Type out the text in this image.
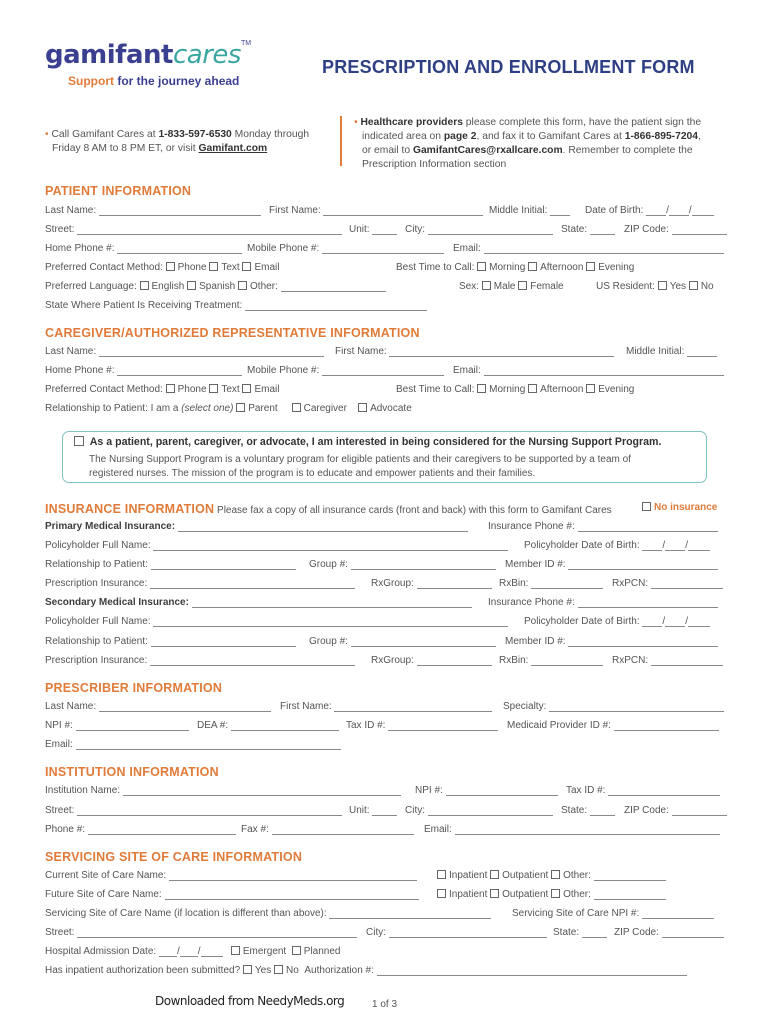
gamifantcares™
Support for the journey ahead
PRESCRIPTION AND ENROLLMENT FORM
• Call Gamifant Cares at 1-833-597-6530 Monday through
Friday 8 AM to 8 PM ET, or visit Gamifant.com
• Healthcare providers please complete this form, have the patient sign the
indicated area on page 2, and fax it to Gamifant Cares at 1-866-895-7204,
or email to GamifantCares@rxallcare.com. Remember to complete the
Prescription Information section
PATIENT INFORMATION
Last Name:	First Name:	Middle Initial:	Date of Birth: / /
Street:	Unit:	City:	State:	ZIP Code:
Home Phone #:	Mobile Phone #:	Email:
Preferred Contact Method: Phone Text Email	Best Time to Call: Morning Afternoon Evening
Preferred Language: English Spanish Other:	Sex: Male Female	US Resident: Yes No
State Where Patient Is Receiving Treatment:
CAREGIVER/AUTHORIZED REPRESENTATIVE INFORMATION
Last Name:	First Name:	Middle Initial:
Home Phone #:	Mobile Phone #:	Email:
Preferred Contact Method: Phone Text Email	Best Time to Call: Morning Afternoon Evening
Relationship to Patient: I am a (select one) Parent	Caregiver Advocate
As a patient, parent, caregiver, or advocate, I am interested in being considered for the Nursing Support Program.
The Nursing Support Program is a voluntary program for eligible patients and their caregivers to be supported by a team of
registered nurses. The mission of the program is to educate and empower patients and their families.
INSURANCE INFORMATION Please fax a copy of all insurance cards (front and back) with this form to Gamifant Cares	No insurance
Primary Medical Insurance:	Insurance Phone #:
Policyholder Full Name:	Policyholder Date of Birth: / /
Relationship to Patient:	Group #:	Member ID #:
Prescription Insurance:	RxGroup:	RxBin:	RxPCN:
Secondary Medical Insurance:	Insurance Phone #:
Policyholder Full Name:	Policyholder Date of Birth: / /
Relationship to Patient:	Group #:	Member ID #:
Prescription Insurance:	RxGroup:	RxBin:	RxPCN:
PRESCRIBER INFORMATION
Last Name:	First Name:	Specialty:
NPI #:	DEA #:	Tax ID #:	Medicaid Provider ID #:
Email:
INSTITUTION INFORMATION
Institution Name:	NPI #:	Tax ID #:
Street:	Unit:	City:	State:	ZIP Code:
Phone #:	Fax #:	Email:
SERVICING SITE OF CARE INFORMATION
Current Site of Care Name:	Inpatient Outpatient Other:
Future Site of Care Name:	Inpatient Outpatient Other:
Servicing Site of Care Name (if location is different than above):	Servicing Site of Care NPI #:
Street:	City:	State:	ZIP Code:
Hospital Admission Date: / /	Emergent Planned
Has inpatient authorization been submitted? Yes No Authorization #:
Downloaded from NeedyMeds.org	1 of 3
